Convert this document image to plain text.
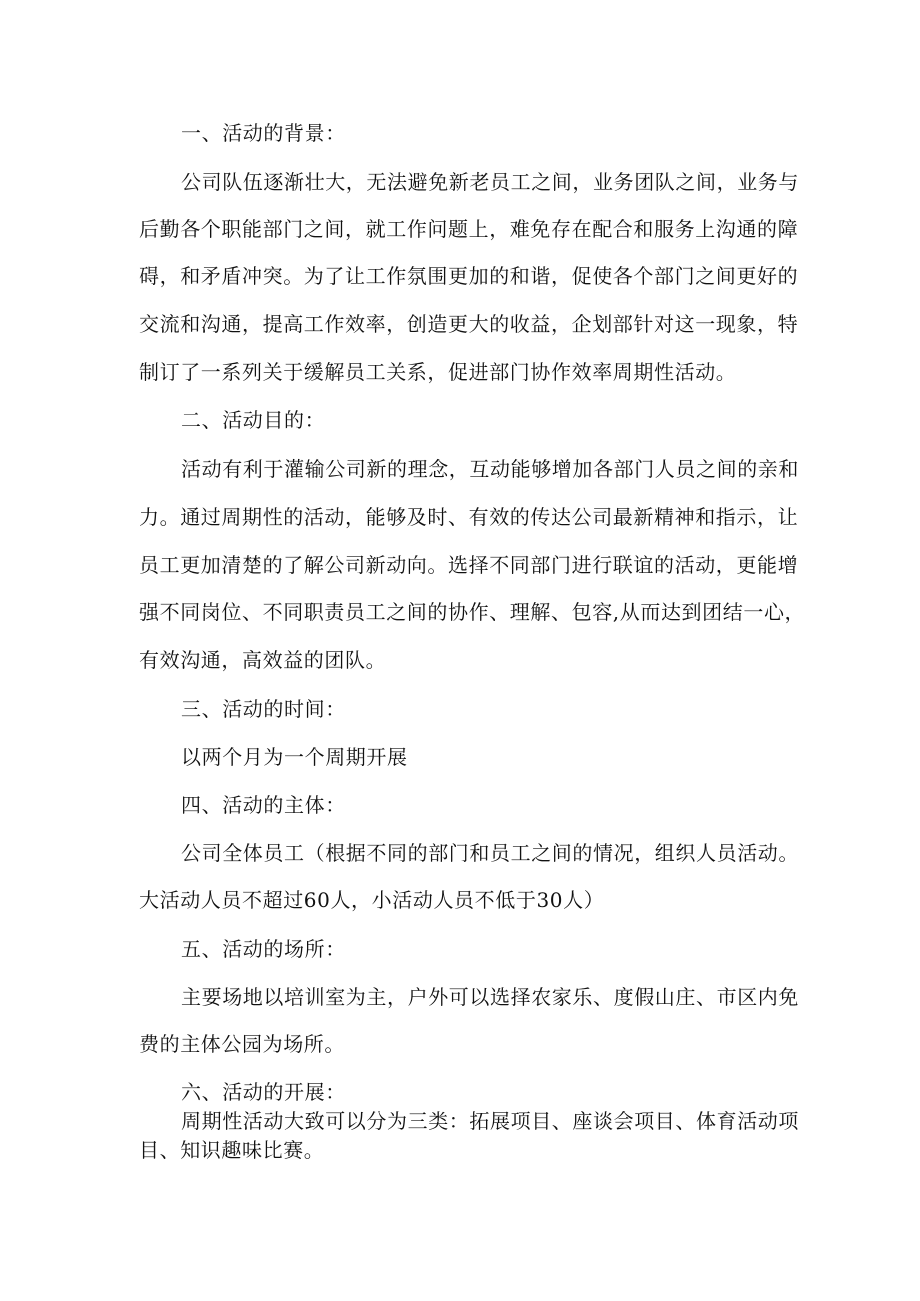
一、活动的背景：
公司队伍逐渐壮大，无法避免新老员工之间，业务团队之间，业务与
后勤各个职能部门之间，就工作问题上，难免存在配合和服务上沟通的障
碍，和矛盾冲突。为了让工作氛围更加的和谐，促使各个部门之间更好的
交流和沟通，提高工作效率，创造更大的收益，企划部针对这一现象，特
制订了一系列关于缓解员工关系，促进部门协作效率周期性活动。
二、活动目的：
活动有利于灌输公司新的理念，互动能够增加各部门人员之间的亲和
力。通过周期性的活动，能够及时、有效的传达公司最新精神和指示，让
员工更加清楚的了解公司新动向。选择不同部门进行联谊的活动，更能增
强不同岗位、不同职责员工之间的协作、理解、包容,从而达到团结一心，
有效沟通，高效益的团队。
三、活动的时间：
以两个月为一个周期开展
四、活动的主体：
公司全体员工（根据不同的部门和员工之间的情况，组织人员活动。
大活动人员不超过60人，小活动人员不低于30人）
五、活动的场所：
主要场地以培训室为主，户外可以选择农家乐、度假山庄、市区内免
费的主体公园为场所。
六、活动的开展：
周期性活动大致可以分为三类：拓展项目、座谈会项目、体育活动项
目、知识趣味比赛。
